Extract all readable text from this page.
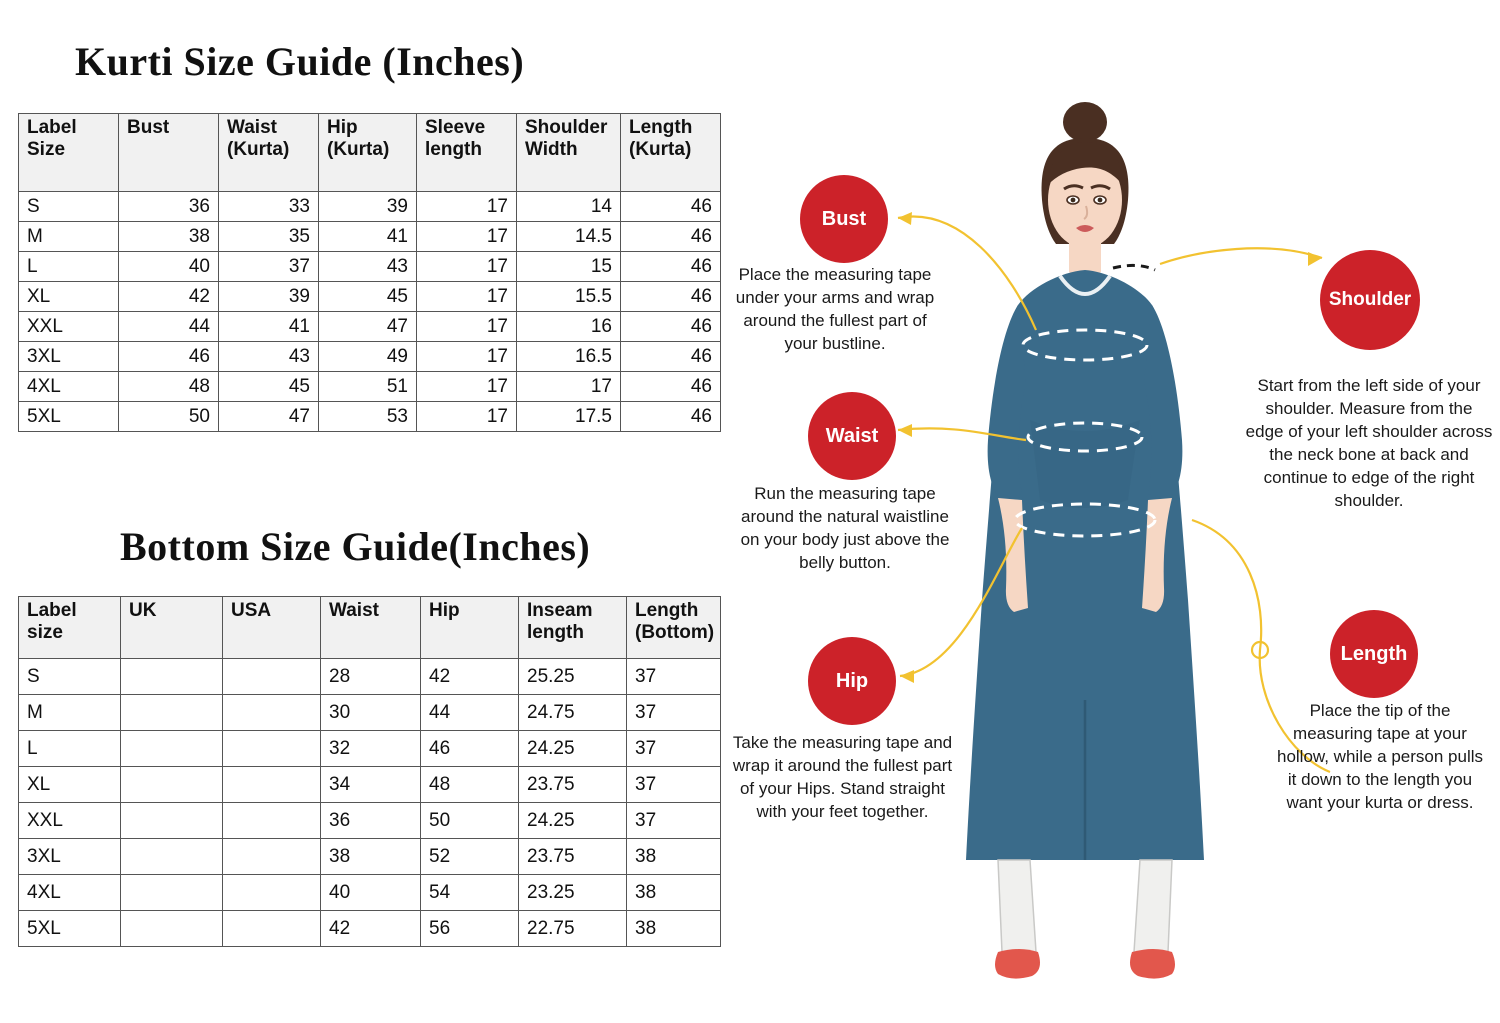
Kurti Size Guide (Inches)
Bottom Size Guide(Inches)
Label Size	Bust	Waist (Kurta)	Hip (Kurta)	Sleeve length	Shoulder Width	Length (Kurta)
S	36	33	39	17	14	46
M	38	35	41	17	14.5	46
L	40	37	43	17	15	46
XL	42	39	45	17	15.5	46
XXL	44	41	47	17	16	46
3XL	46	43	49	17	16.5	46
4XL	48	45	51	17	17	46
5XL	50	47	53	17	17.5	46
Label size	UK	USA	Waist	Hip	Inseam length	Length (Bottom)
S			28	42	25.25	37
M			30	44	24.75	37
L			32	46	24.25	37
XL			34	48	23.75	37
XXL			36	50	24.25	37
3XL			38	52	23.75	38
4XL			40	54	23.25	38
5XL			42	56	22.75	38
Bust
Waist
Hip
Shoulder
Length
Place the measuring tape under your arms and wrap around the fullest part of your bustline.
Run the measuring tape around the natural waistline on your body just above the belly button.
Take the measuring tape and wrap it around the fullest part of your Hips. Stand straight with your feet together.
Start from the left side of your shoulder. Measure from the edge of your left shoulder across the neck bone at back and continue to edge of the right shoulder.
Place the tip of the measuring tape at your hollow, while a person pulls it down to the length you want your kurta or dress.
